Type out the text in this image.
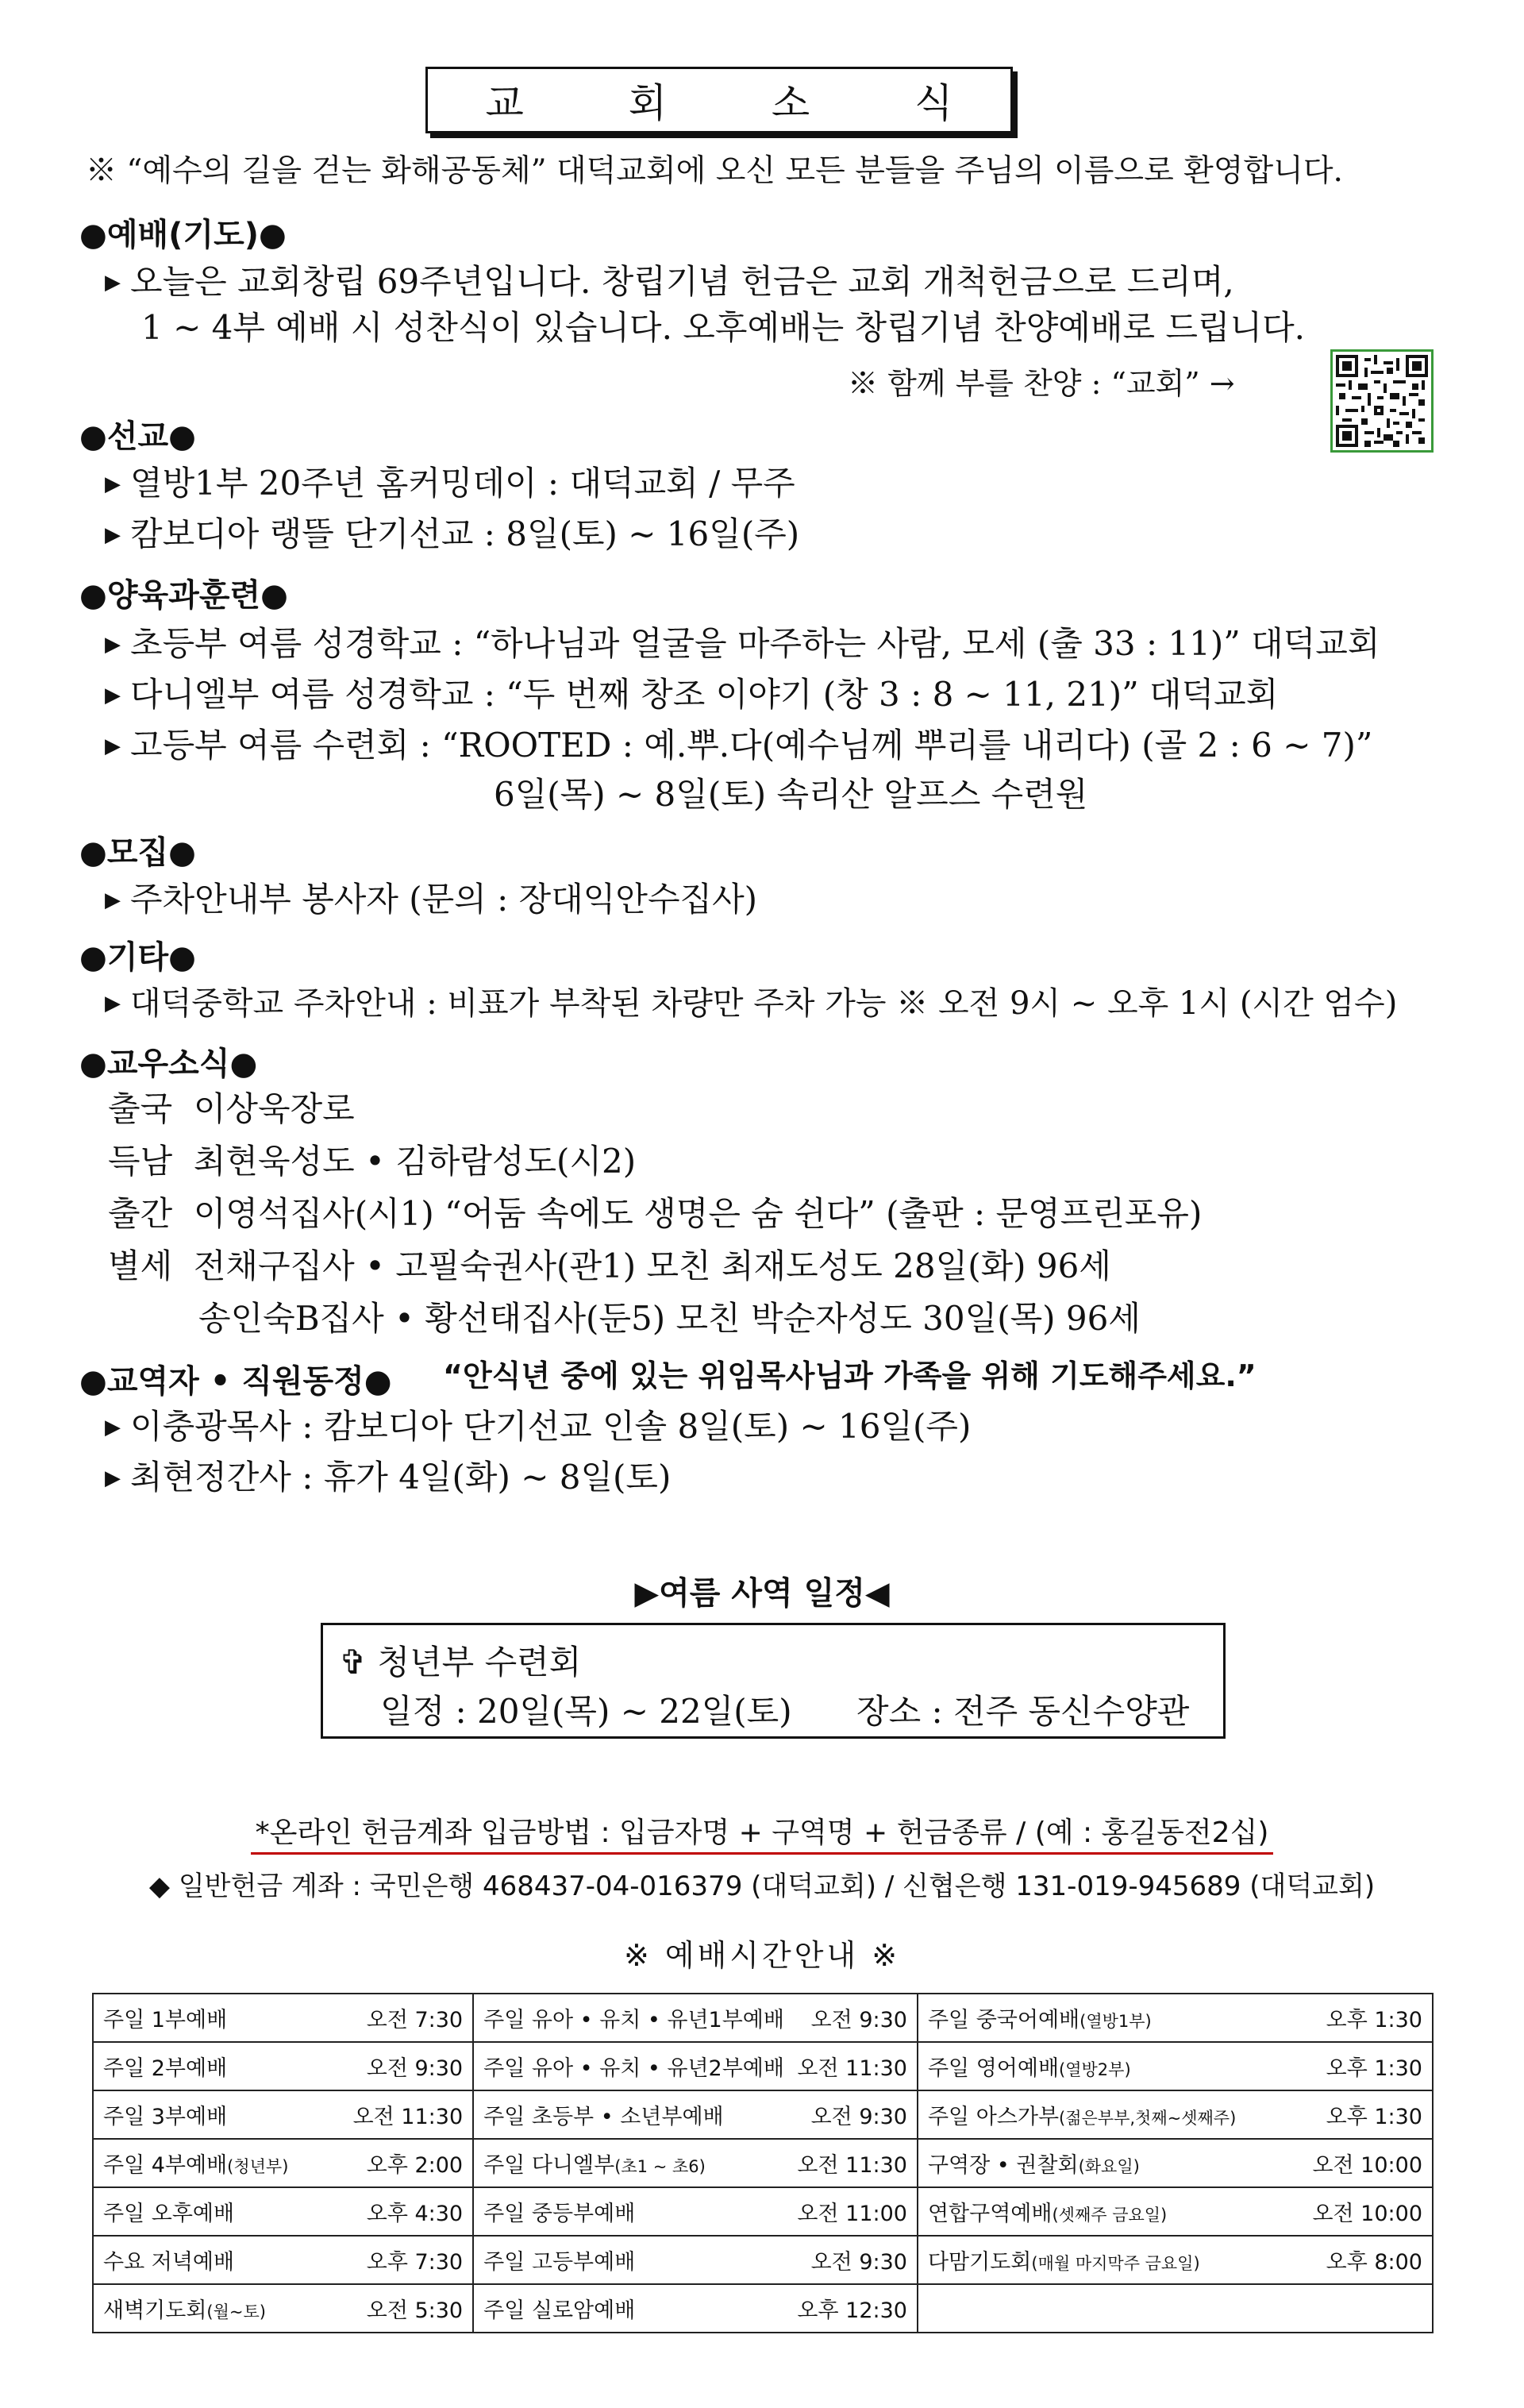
교 회 소 식
※ “예수의 길을 걷는 화해공동체” 대덕교회에 오신 모든 분들을 주님의 이름으로 환영합니다.
●예배(기도)●
▶ 오늘은 교회창립 69주년입니다. 창립기념 헌금은 교회 개척헌금으로 드리며,
1 ~ 4부 예배 시 성찬식이 있습니다. 오후예배는 창립기념 찬양예배로 드립니다.
※ 함께 부를 찬양 : “교회” →
●선교●
▶ 열방1부 20주년 홈커밍데이 : 대덕교회 / 무주
▶ 캄보디아 랭뜰 단기선교 : 8일(토) ~ 16일(주)
●양육과훈련●
▶ 초등부 여름 성경학교 : “하나님과 얼굴을 마주하는 사람, 모세 (출 33 : 11)” 대덕교회
▶ 다니엘부 여름 성경학교 : “두 번째 창조 이야기 (창 3 : 8 ~ 11, 21)” 대덕교회
▶ 고등부 여름 수련회 : “ROOTED : 예.뿌.다(예수님께 뿌리를 내리다) (골 2 : 6 ~ 7)”
6일(목) ~ 8일(토) 속리산 알프스 수련원
●모집●
▶ 주차안내부 봉사자 (문의 : 장대익안수집사)
●기타●
▶ 대덕중학교 주차안내 : 비표가 부착된 차량만 주차 가능 ※ 오전 9시 ~ 오후 1시 (시간 엄수)
●교우소식●
출국 이상욱장로
득남 최현욱성도 • 김하람성도(시2)
출간 이영석집사(시1) “어둠 속에도 생명은 숨 쉰다” (출판 : 문영프린포유)
별세 전채구집사 • 고필숙권사(관1) 모친 최재도성도 28일(화) 96세
송인숙B집사 • 황선태집사(둔5) 모친 박순자성도 30일(목) 96세
●교역자 • 직원동정● “안식년 중에 있는 위임목사님과 가족을 위해 기도해주세요.”
▶ 이충광목사 : 캄보디아 단기선교 인솔 8일(토) ~ 16일(주)
▶ 최현정간사 : 휴가 4일(화) ~ 8일(토)
▶여름 사역 일정◀
✞ 청년부 수련회
일정 : 20일(목) ~ 22일(토) 장소 : 전주 동신수양관
*온라인 헌금계좌 입금방법 : 입금자명 + 구역명 + 헌금종류 / (예 : 홍길동전2십)
◆ 일반헌금 계좌 : 국민은행 468437-04-016379 (대덕교회) / 신협은행 131-019-945689 (대덕교회)
※ 예배시간안내 ※
주일 1부예배 오전 7:30	주일 유아 • 유치 • 유년1부예배 오전 9:30	주일 중국어예배(열방1부) 오후 1:30

주일 2부예배 오전 9:30	주일 유아 • 유치 • 유년2부예배 오전 11:30	주일 영어예배(열방2부) 오후 1:30

주일 3부예배 오전 11:30	주일 초등부 • 소년부예배 오전 9:30	주일 아스가부(젊은부부,첫째~셋째주) 오후 1:30

주일 4부예배(청년부) 오후 2:00	주일 다니엘부(초1 ~ 초6) 오전 11:30	구역장 • 권찰회(화요일) 오전 10:00

주일 오후예배 오후 4:30	주일 중등부예배 오전 11:00	연합구역예배(셋째주 금요일) 오전 10:00

수요 저녁예배 오후 7:30	주일 고등부예배 오전 9:30	다맘기도회(매월 마지막주 금요일) 오후 8:00

새벽기도회(월~토) 오전 5:30	주일 실로암예배 오후 12:30	
